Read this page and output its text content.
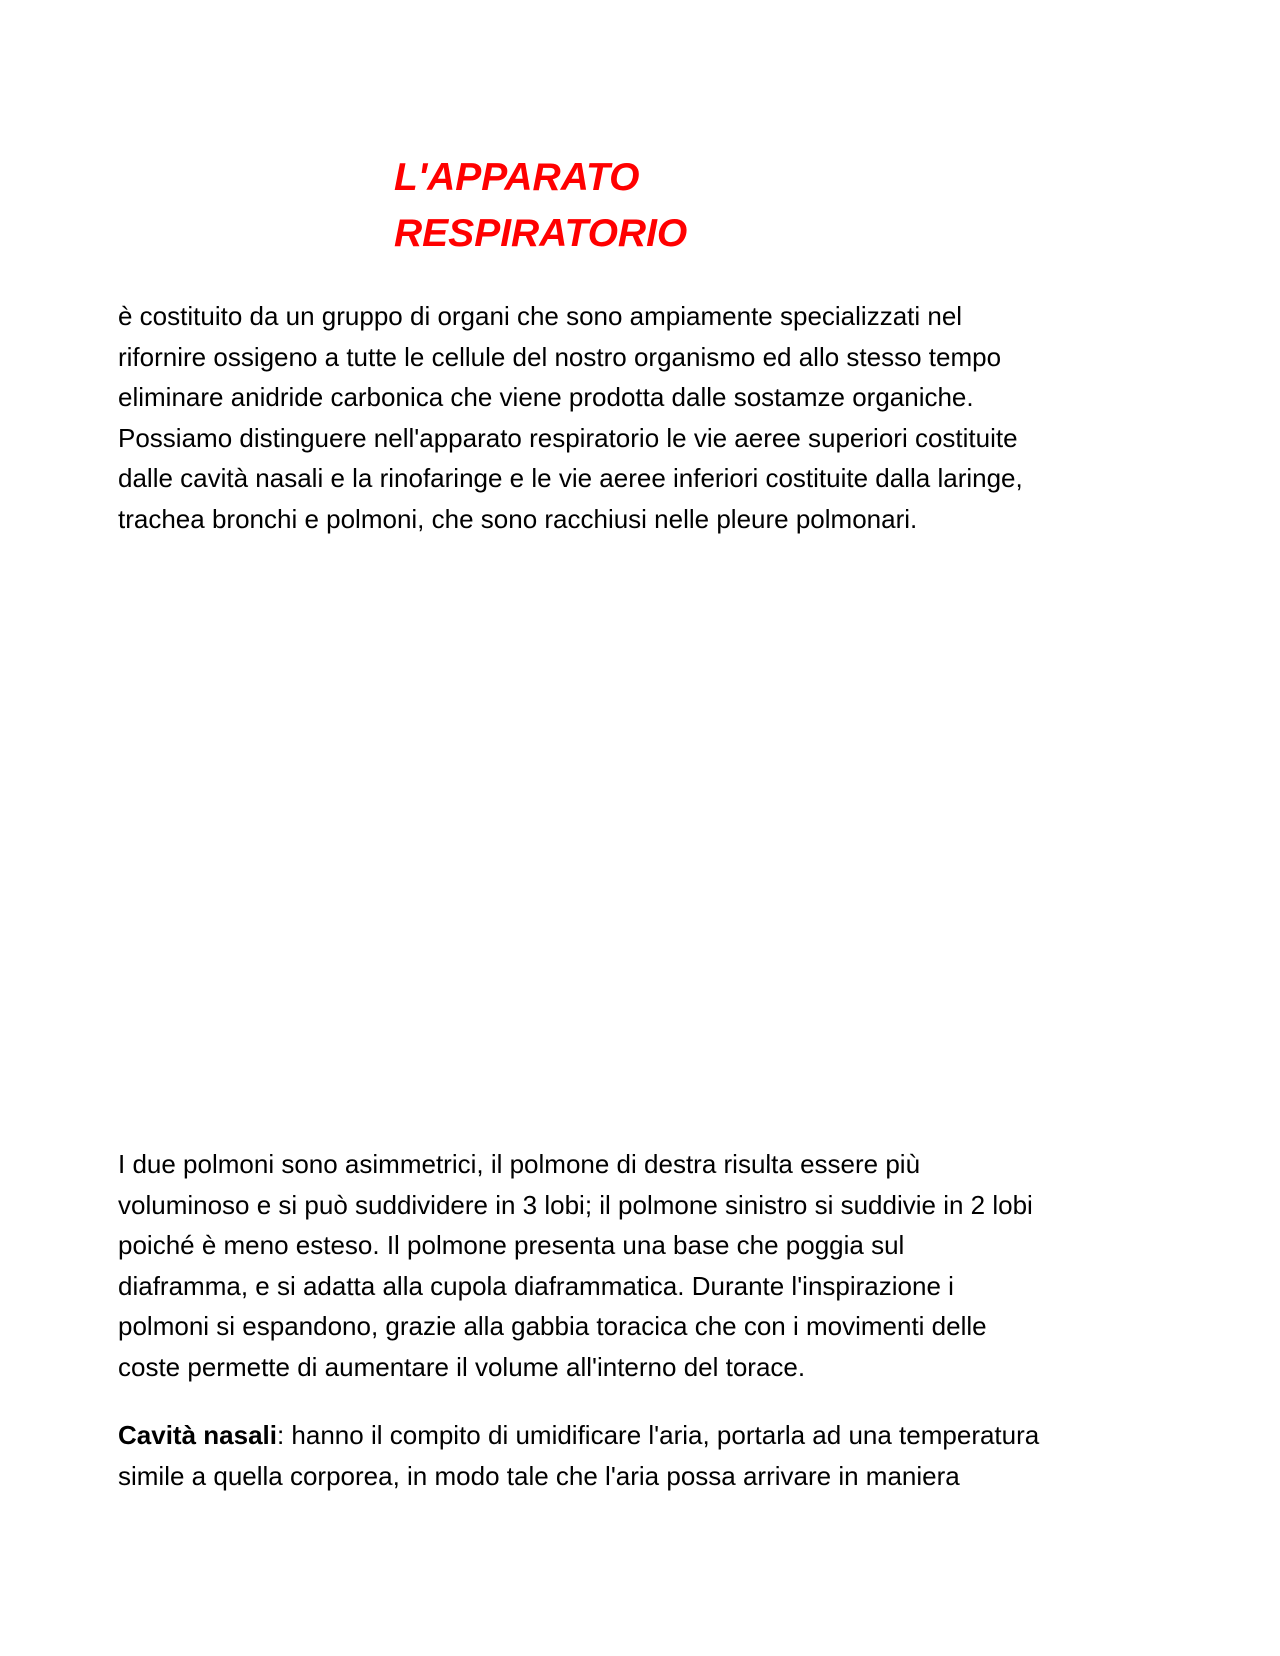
L'APPARATO
RESPIRATORIO

è costituito da un gruppo di organi che sono ampiamente specializzati nel
rifornire ossigeno a tutte le cellule del nostro organismo ed allo stesso tempo
eliminare anidride carbonica che viene prodotta dalle sostamze organiche.
Possiamo distinguere nell'apparato respiratorio le vie aeree superiori costituite
dalle cavità nasali e la rinofaringe e le vie aeree inferiori costituite dalla laringe,
trachea bronchi e polmoni, che sono racchiusi nelle pleure polmonari.

I due polmoni sono asimmetrici, il polmone di destra risulta essere più
voluminoso e si può suddividere in 3 lobi; il polmone sinistro si suddivie in 2 lobi
poiché è meno esteso. Il polmone presenta una base che poggia sul
diaframma, e si adatta alla cupola diaframmatica. Durante l'inspirazione i
polmoni si espandono, grazie alla gabbia toracica che con i movimenti delle
coste permette di aumentare il volume all'interno del torace.

Cavità nasali: hanno il compito di umidificare l'aria, portarla ad una temperatura
simile a quella corporea, in modo tale che l'aria possa arrivare in maniera
